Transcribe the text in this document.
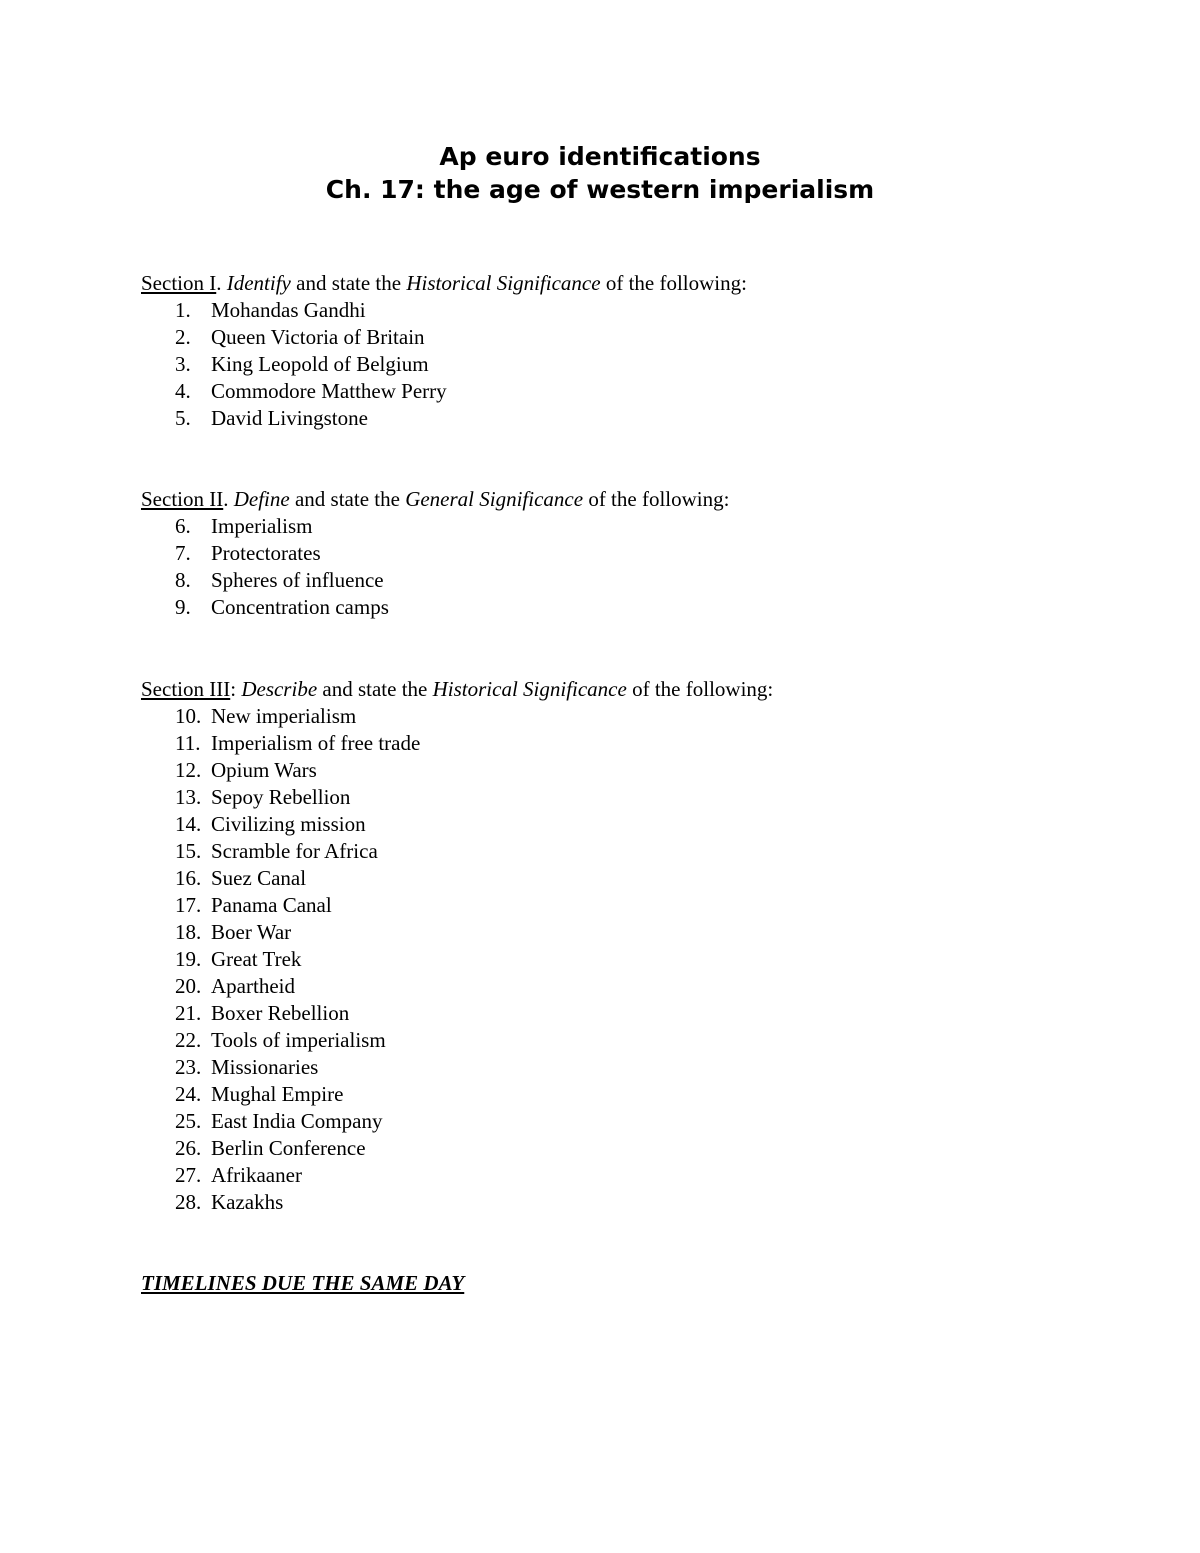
Ap euro identifications
Ch. 17: the age of western imperialism
Section I. Identify and state the Historical Significance of the following:
1. Mohandas Gandhi
2. Queen Victoria of Britain
3. King Leopold of Belgium
4. Commodore Matthew Perry
5. David Livingstone
Section II. Define and state the General Significance of the following:
6. Imperialism
7. Protectorates
8. Spheres of influence
9. Concentration camps
Section III: Describe and state the Historical Significance of the following:
10. New imperialism
11. Imperialism of free trade
12. Opium Wars
13. Sepoy Rebellion
14. Civilizing mission
15. Scramble for Africa
16. Suez Canal
17. Panama Canal
18. Boer War
19. Great Trek
20. Apartheid
21. Boxer Rebellion
22. Tools of imperialism
23. Missionaries
24. Mughal Empire
25. East India Company
26. Berlin Conference
27. Afrikaaner
28. Kazakhs
TIMELINES DUE THE SAME DAY
